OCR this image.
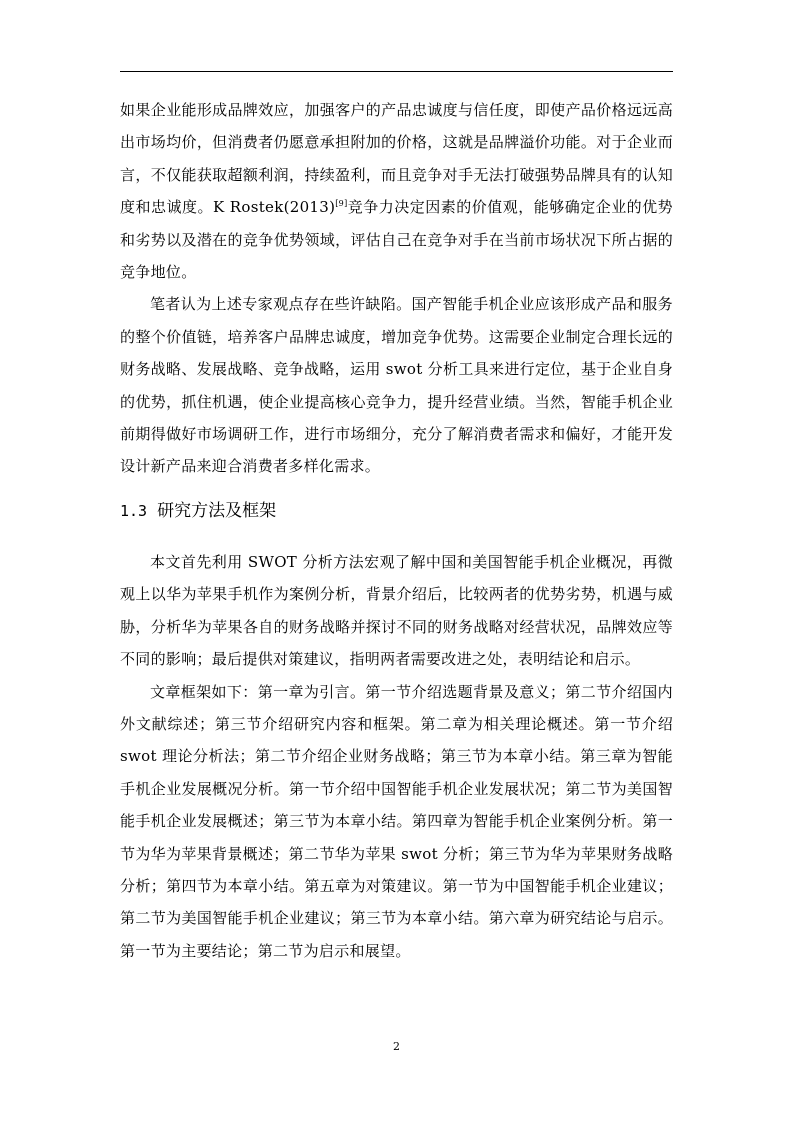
如果企业能形成品牌效应，加强客户的产品忠诚度与信任度，即使产品价格远远高出市场均价，但消费者仍愿意承担附加的价格，这就是品牌溢价功能。对于企业而言，不仅能获取超额利润，持续盈利，而且竞争对手无法打破强势品牌具有的认知度和忠诚度。K Rostek(2013)[9]竞争力决定因素的价值观，能够确定企业的优势和劣势以及潜在的竞争优势领域，评估自己在竞争对手在当前市场状况下所占据的竞争地位。

笔者认为上述专家观点存在些许缺陷。国产智能手机企业应该形成产品和服务的整个价值链，培养客户品牌忠诚度，增加竞争优势。这需要企业制定合理长远的财务战略、发展战略、竞争战略，运用 swot 分析工具来进行定位，基于企业自身的优势，抓住机遇，使企业提高核心竞争力，提升经营业绩。当然，智能手机企业前期得做好市场调研工作，进行市场细分，充分了解消费者需求和偏好，才能开发设计新产品来迎合消费者多样化需求。

1.3 研究方法及框架

本文首先利用 SWOT 分析方法宏观了解中国和美国智能手机企业概况，再微观上以华为苹果手机作为案例分析，背景介绍后，比较两者的优势劣势，机遇与威胁，分析华为苹果各自的财务战略并探讨不同的财务战略对经营状况，品牌效应等不同的影响；最后提供对策建议，指明两者需要改进之处，表明结论和启示。

文章框架如下：第一章为引言。第一节介绍选题背景及意义；第二节介绍国内外文献综述；第三节介绍研究内容和框架。第二章为相关理论概述。第一节介绍 swot 理论分析法；第二节介绍企业财务战略；第三节为本章小结。第三章为智能手机企业发展概况分析。第一节介绍中国智能手机企业发展状况；第二节为美国智能手机企业发展概述；第三节为本章小结。第四章为智能手机企业案例分析。第一节为华为苹果背景概述；第二节华为苹果 swot 分析；第三节为华为苹果财务战略分析；第四节为本章小结。第五章为对策建议。第一节为中国智能手机企业建议；第二节为美国智能手机企业建议；第三节为本章小结。第六章为研究结论与启示。第一节为主要结论；第二节为启示和展望。

2
